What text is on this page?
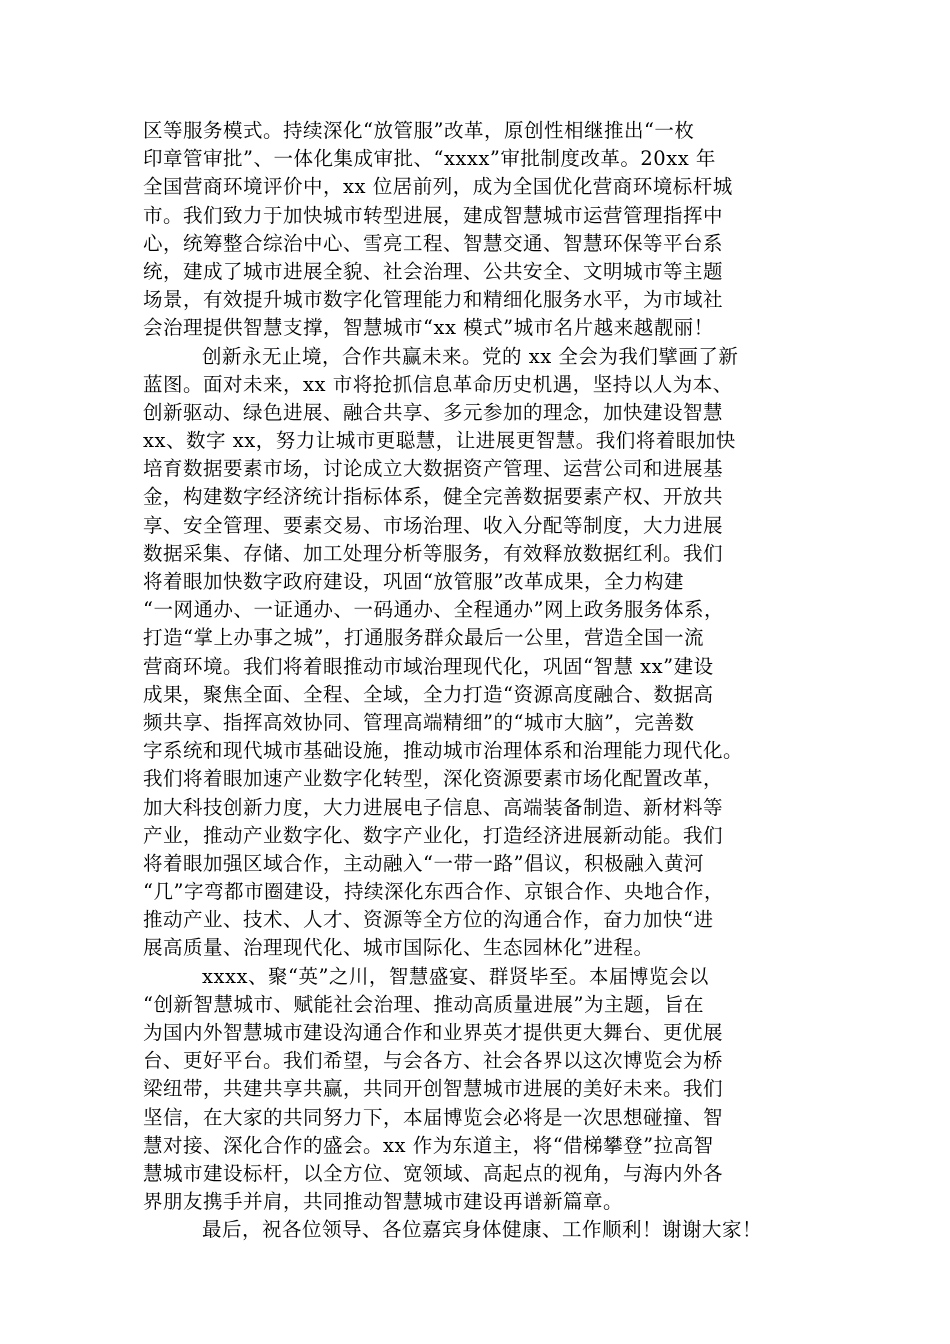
区等服务模式。持续深化“放管服”改革，原创性相继推出“一枚
印章管审批”、一体化集成审批、“xxxx”审批制度改革。20xx 年
全国营商环境评价中，xx 位居前列，成为全国优化营商环境标杆城
市。我们致力于加快城市转型进展，建成智慧城市运营管理指挥中
心，统筹整合综治中心、雪亮工程、智慧交通、智慧环保等平台系
统，建成了城市进展全貌、社会治理、公共安全、文明城市等主题
场景，有效提升城市数字化管理能力和精细化服务水平，为市域社
会治理提供智慧支撑，智慧城市“xx 模式”城市名片越来越靓丽！
创新永无止境，合作共赢未来。党的 xx 全会为我们擘画了新
蓝图。面对未来，xx 市将抢抓信息革命历史机遇，坚持以人为本、
创新驱动、绿色进展、融合共享、多元参加的理念，加快建设智慧
xx、数字 xx，努力让城市更聪慧，让进展更智慧。我们将着眼加快
培育数据要素市场，讨论成立大数据资产管理、运营公司和进展基
金，构建数字经济统计指标体系，健全完善数据要素产权、开放共
享、安全管理、要素交易、市场治理、收入分配等制度，大力进展
数据采集、存储、加工处理分析等服务，有效释放数据红利。我们
将着眼加快数字政府建设，巩固“放管服”改革成果，全力构建
“一网通办、一证通办、一码通办、全程通办”网上政务服务体系，
打造“掌上办事之城”，打通服务群众最后一公里，营造全国一流
营商环境。我们将着眼推动市域治理现代化，巩固“智慧 xx”建设
成果，聚焦全面、全程、全域，全力打造“资源高度融合、数据高
频共享、指挥高效协同、管理高端精细”的“城市大脑”，完善数
字系统和现代城市基础设施，推动城市治理体系和治理能力现代化。
我们将着眼加速产业数字化转型，深化资源要素市场化配置改革，
加大科技创新力度，大力进展电子信息、高端装备制造、新材料等
产业，推动产业数字化、数字产业化，打造经济进展新动能。我们
将着眼加强区域合作，主动融入“一带一路”倡议，积极融入黄河
“几”字弯都市圈建设，持续深化东西合作、京银合作、央地合作，
推动产业、技术、人才、资源等全方位的沟通合作，奋力加快“进
展高质量、治理现代化、城市国际化、生态园林化”进程。
xxxx、聚“英”之川，智慧盛宴、群贤毕至。本届博览会以
“创新智慧城市、赋能社会治理、推动高质量进展”为主题，旨在
为国内外智慧城市建设沟通合作和业界英才提供更大舞台、更优展
台、更好平台。我们希望，与会各方、社会各界以这次博览会为桥
梁纽带，共建共享共赢，共同开创智慧城市进展的美好未来。我们
坚信，在大家的共同努力下，本届博览会必将是一次思想碰撞、智
慧对接、深化合作的盛会。xx 作为东道主，将“借梯攀登”拉高智
慧城市建设标杆，以全方位、宽领域、高起点的视角，与海内外各
界朋友携手并肩，共同推动智慧城市建设再谱新篇章。
最后，祝各位领导、各位嘉宾身体健康、工作顺利！谢谢大家！
